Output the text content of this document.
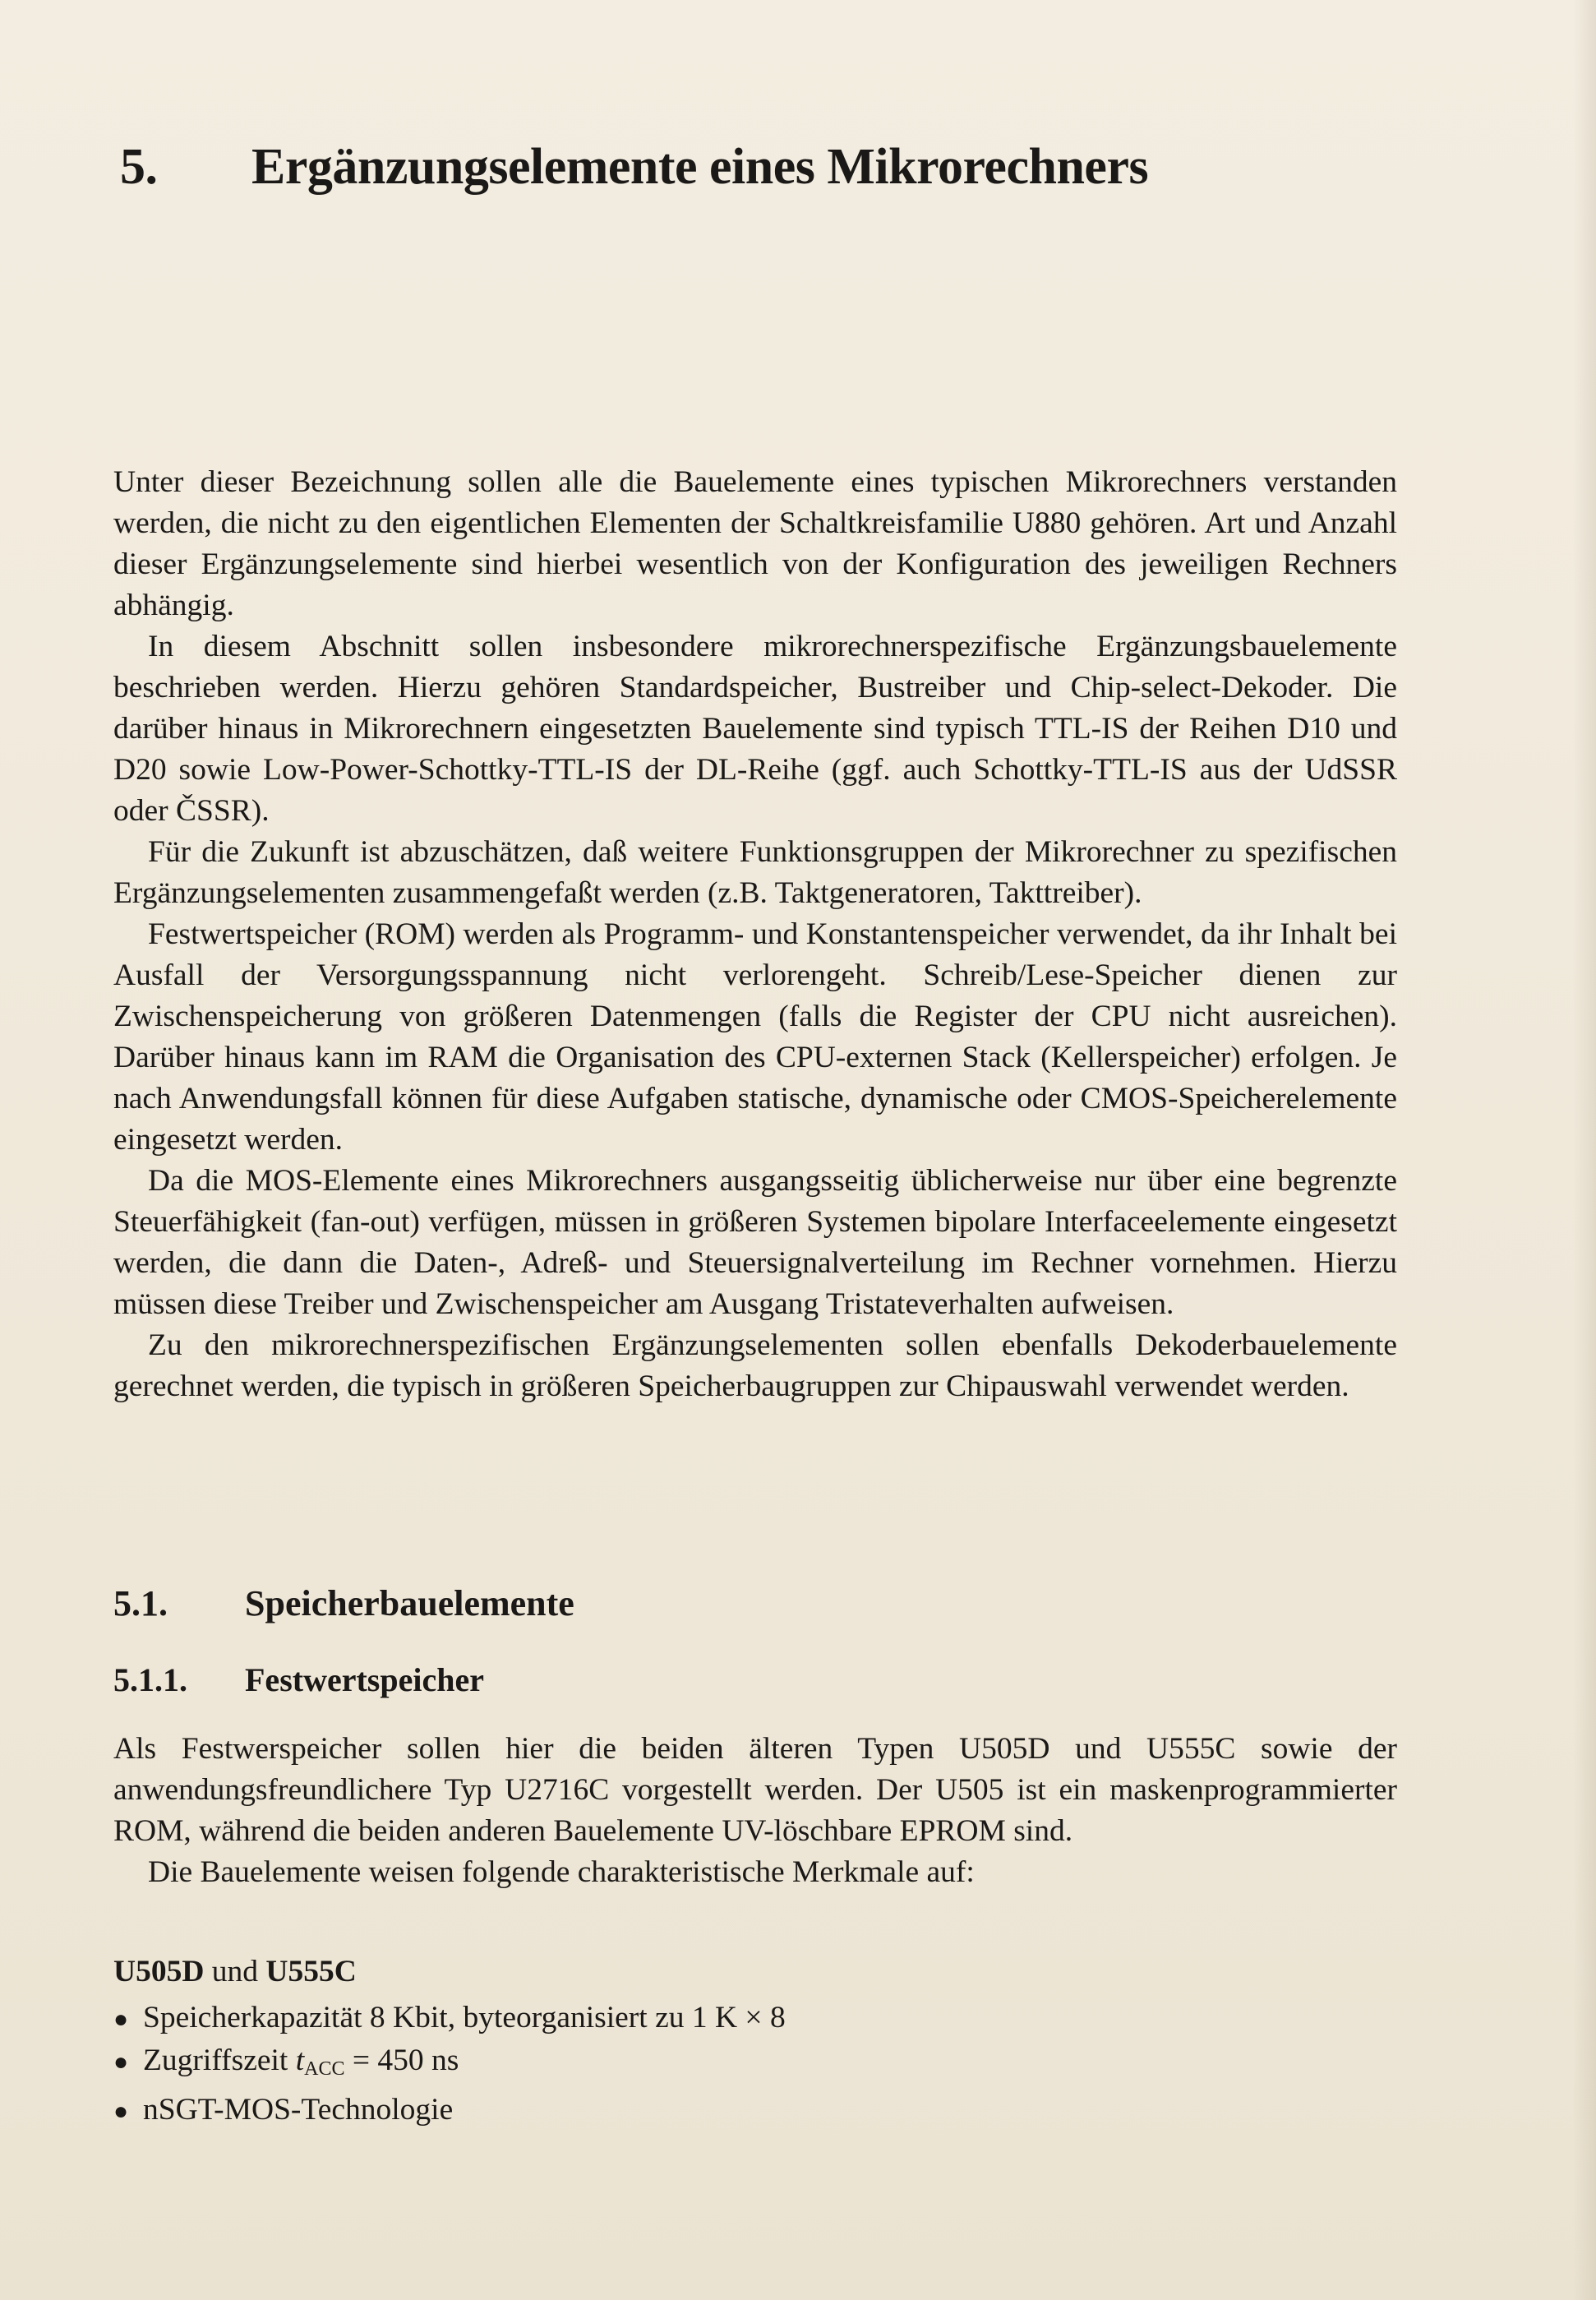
5. Ergänzungselemente eines Mikrorechners

Unter dieser Bezeichnung sollen alle die Bauelemente eines typischen Mikrorechners verstanden werden, die nicht zu den eigentlichen Elementen der Schaltkreisfamilie U880 gehören. Art und Anzahl dieser Ergänzungselemente sind hierbei wesentlich von der Konfiguration des jeweiligen Rechners abhängig.

In diesem Abschnitt sollen insbesondere mikrorechnerspezifische Ergänzungsbauelemente beschrieben werden. Hierzu gehören Standardspeicher, Bustreiber und Chip-select-Dekoder. Die darüber hinaus in Mikrorechnern eingesetzten Bauelemente sind typisch TTL-IS der Reihen D10 und D20 sowie Low-Power-Schottky-TTL-IS der DL-Reihe (ggf. auch Schottky-TTL-IS aus der UdSSR oder ČSSR).

Für die Zukunft ist abzuschätzen, daß weitere Funktionsgruppen der Mikrorechner zu spezifischen Ergänzungselementen zusammengefaßt werden (z.B. Taktgeneratoren, Takttreiber).

Festwertspeicher (ROM) werden als Programm- und Konstantenspeicher verwendet, da ihr Inhalt bei Ausfall der Versorgungsspannung nicht verlorengeht. Schreib/Lese-Speicher dienen zur Zwischenspeicherung von größeren Datenmengen (falls die Register der CPU nicht ausreichen). Darüber hinaus kann im RAM die Organisation des CPU-externen Stack (Kellerspeicher) erfolgen. Je nach Anwendungsfall können für diese Aufgaben statische, dynamische oder CMOS-Speicherelemente eingesetzt werden.

Da die MOS-Elemente eines Mikrorechners ausgangsseitig üblicherweise nur über eine begrenzte Steuerfähigkeit (fan-out) verfügen, müssen in größeren Systemen bipolare Interfaceelemente eingesetzt werden, die dann die Daten-, Adreß- und Steuersignalverteilung im Rechner vornehmen. Hierzu müssen diese Treiber und Zwischenspeicher am Ausgang Tristateverhalten aufweisen.

Zu den mikrorechnerspezifischen Ergänzungselementen sollen ebenfalls Dekoderbauelemente gerechnet werden, die typisch in größeren Speicherbaugruppen zur Chipauswahl verwendet werden.

5.1. Speicherbauelemente
5.1.1. Festwertspeicher

Als Festwerspeicher sollen hier die beiden älteren Typen U505D und U555C sowie der anwendungsfreundlichere Typ U2716C vorgestellt werden. Der U505 ist ein maskenprogrammierter ROM, während die beiden anderen Bauelemente UV-löschbare EPROM sind.

Die Bauelemente weisen folgende charakteristische Merkmale auf:

U505D und U555C
● Speicherkapazität 8 Kbit, byteorganisiert zu 1 K × 8
● Zugriffszeit $t_{ACC} = 450$ ns
● nSGT-MOS-Technologie
